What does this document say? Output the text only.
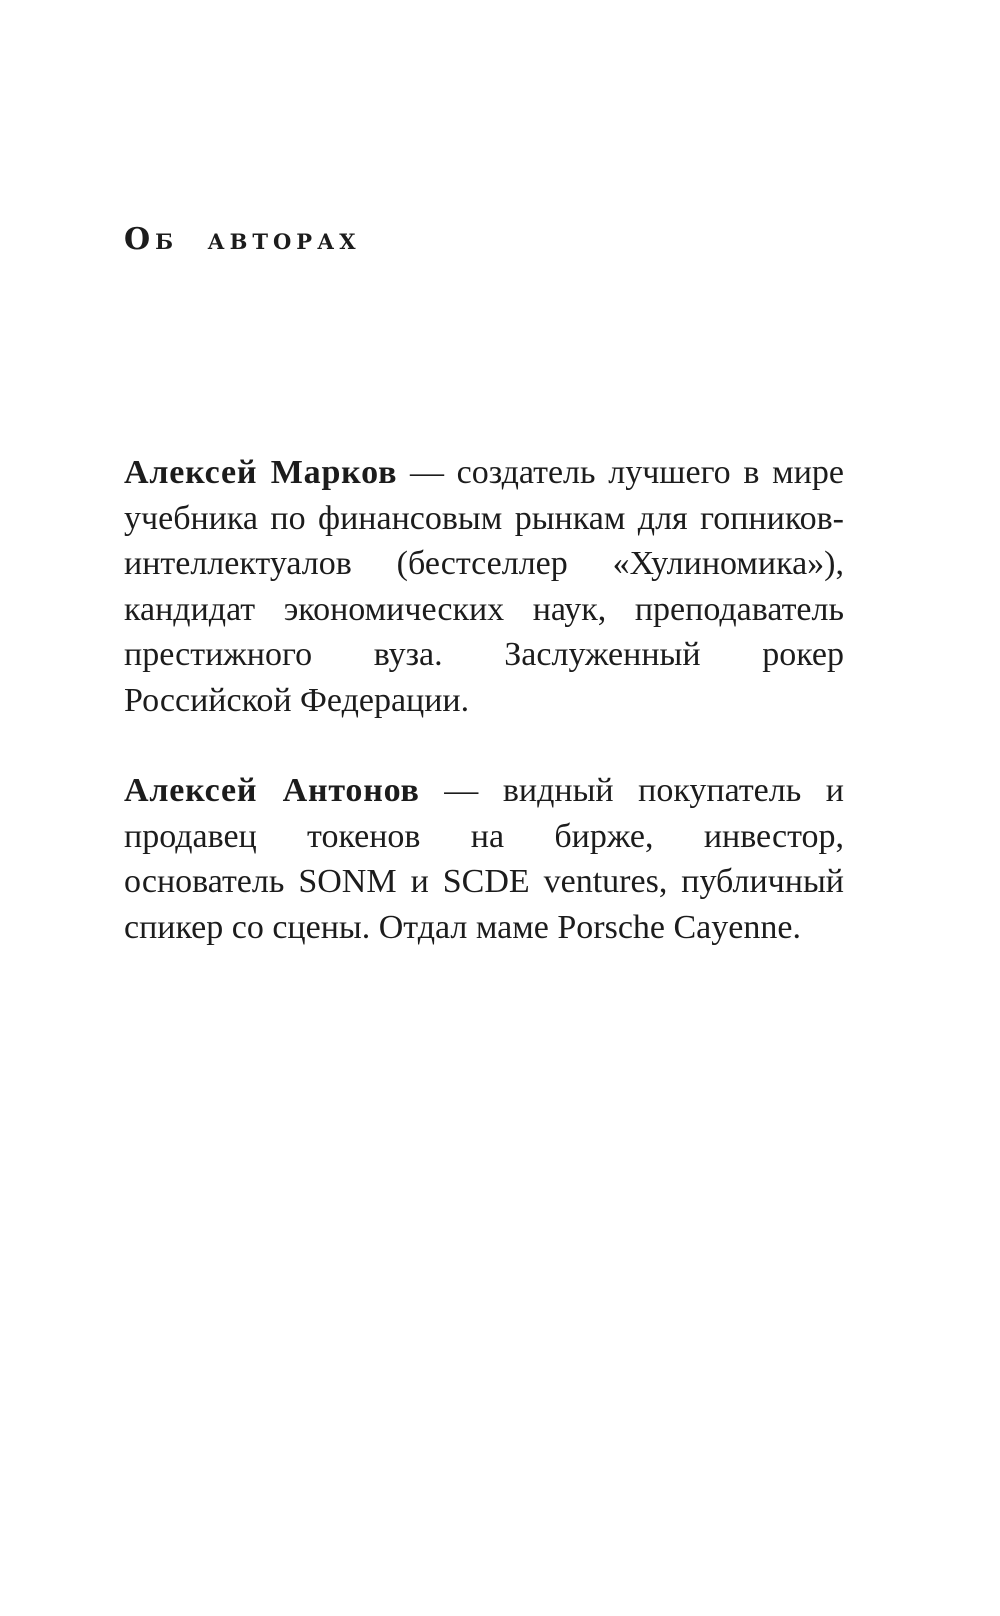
Об авторах

Алексей Марков — создатель лучшего в мире учебника по финансовым рынкам для гопников-интеллектуалов (бестселлер «Хулиномика»), кандидат экономических наук, преподаватель престижного вуза. Заслуженный рокер Российской Федерации.

Алексей Антонов — видный покупатель и продавец токенов на бирже, инвестор, основатель SONM и SCDE ventures, публичный спикер со сцены. Отдал маме Porsche Cayenne.
